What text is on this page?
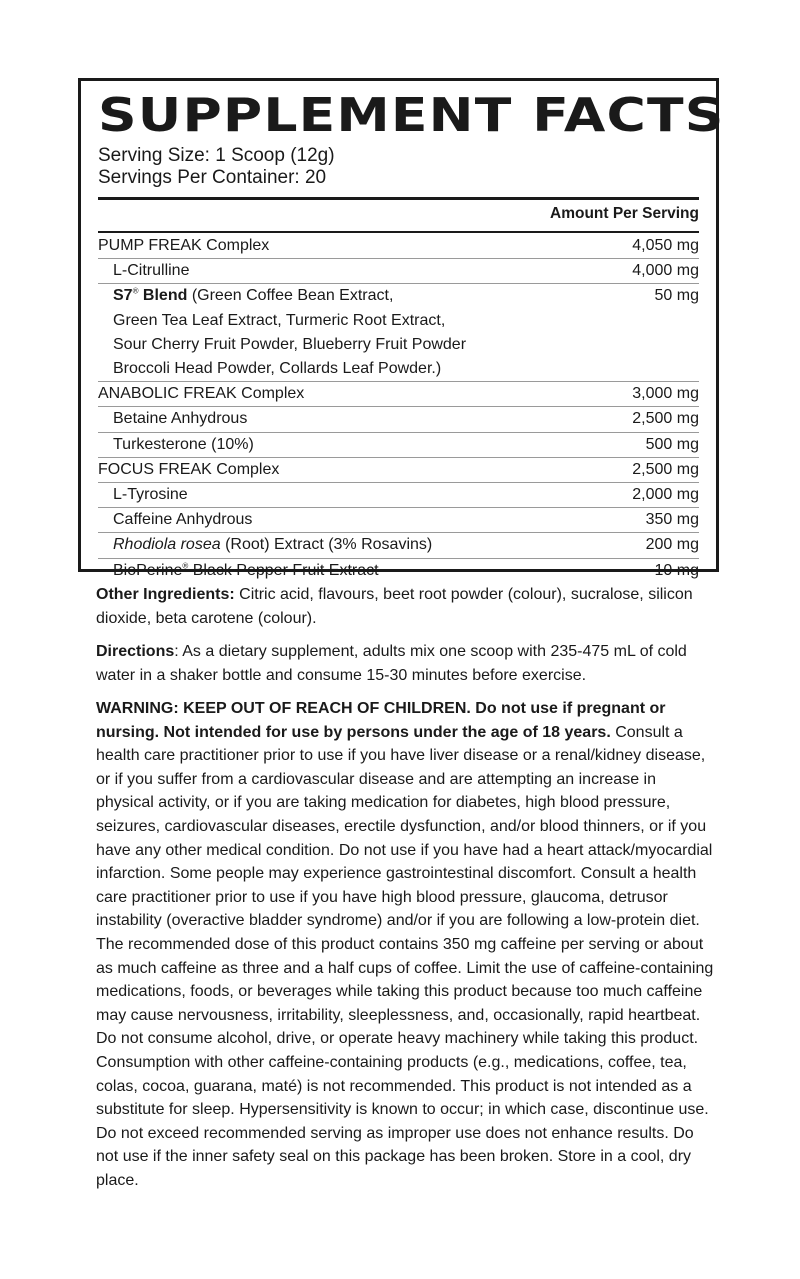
SUPPLEMENT FACTS
Serving Size: 1 Scoop (12g)
Servings Per Container: 20
Amount Per Serving
PUMP FREAK Complex	4,050 mg
L-Citrulline	4,000 mg
S7® Blend (Green Coffee Bean Extract,
Green Tea Leaf Extract, Turmeric Root Extract,
Sour Cherry Fruit Powder, Blueberry Fruit Powder
Broccoli Head Powder, Collards Leaf Powder.)
50 mg
ANABOLIC FREAK Complex	3,000 mg
Betaine Anhydrous	2,500 mg
Turkesterone (10%)	500 mg
FOCUS FREAK Complex	2,500 mg
L-Tyrosine	2,000 mg
Caffeine Anhydrous	350 mg
Rhodiola rosea (Root) Extract (3% Rosavins)	200 mg
BioPerine® Black Pepper Fruit Extract	10 mg

Other Ingredients: Citric acid, flavours, beet root powder (colour), sucralose, silicon dioxide, beta carotene (colour).

Directions: As a dietary supplement, adults mix one scoop with 235-475 mL of cold water in a shaker bottle and consume 15-30 minutes before exercise.

WARNING: KEEP OUT OF REACH OF CHILDREN. Do not use if pregnant or nursing. Not intended for use by persons under the age of 18 years. Consult a health care practitioner prior to use if you have liver disease or a renal/kidney disease, or if you suffer from a cardiovascular disease and are attempting an increase in physical activity, or if you are taking medication for diabetes, high blood pressure, seizures, cardiovascular diseases, erectile dysfunction, and/or blood thinners, or if you have any other medical condition. Do not use if you have had a heart attack/myocardial infarction. Some people may experience gastrointestinal discomfort. Consult a health care practitioner prior to use if you have high blood pressure, glaucoma, detrusor instability (overactive bladder syndrome) and/or if you are following a low-protein diet. The recommended dose of this product contains 350 mg caffeine per serving or about as much caffeine as three and a half cups of coffee. Limit the use of caffeine-containing medications, foods, or beverages while taking this product because too much caffeine may cause nervousness, irritability, sleeplessness, and, occasionally, rapid heartbeat. Do not consume alcohol, drive, or operate heavy machinery while taking this product. Consumption with other caffeine-containing products (e.g., medications, coffee, tea, colas, cocoa, guarana, maté) is not recommended. This product is not intended as a substitute for sleep. Hypersensitivity is known to occur; in which case, discontinue use. Do not exceed recommended serving as improper use does not enhance results. Do not use if the inner safety seal on this package has been broken. Store in a cool, dry place.
